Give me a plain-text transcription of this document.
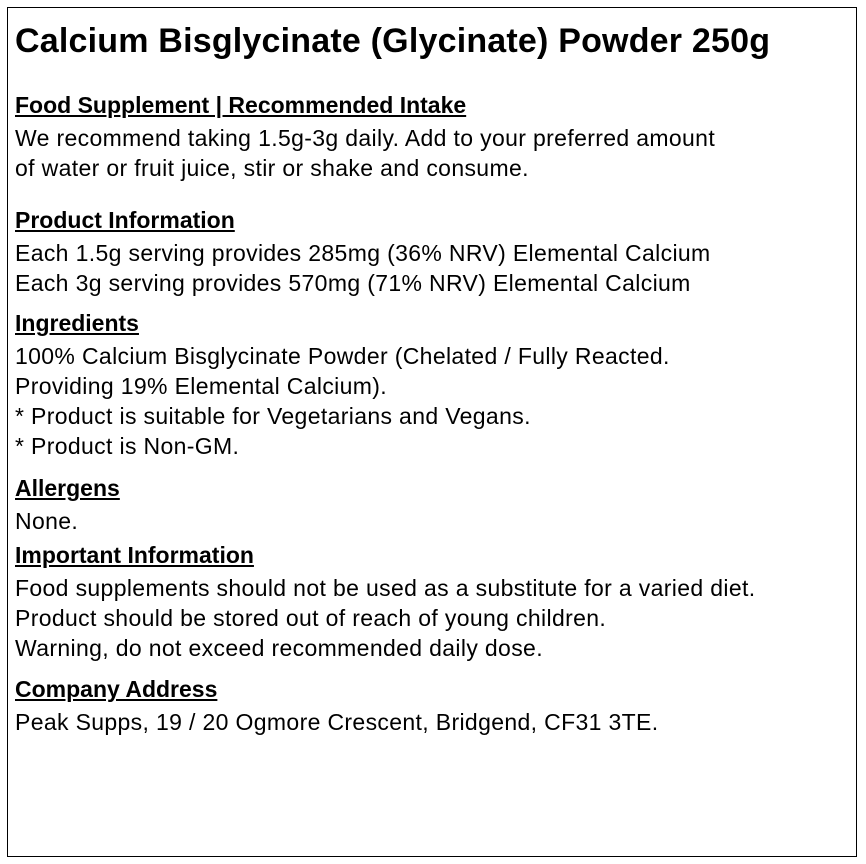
Calcium Bisglycinate (Glycinate) Powder 250g
Food Supplement | Recommended Intake
We recommend taking 1.5g-3g daily. Add to your preferred amount
of water or fruit juice, stir or shake and consume.
Product Information
Each 1.5g serving provides 285mg (36% NRV) Elemental Calcium
Each 3g serving provides 570mg (71% NRV) Elemental Calcium
Ingredients
100% Calcium Bisglycinate Powder (Chelated / Fully Reacted.
Providing 19% Elemental Calcium).
* Product is suitable for Vegetarians and Vegans.
* Product is Non-GM.
Allergens
None.
Important Information
Food supplements should not be used as a substitute for a varied diet.
Product should be stored out of reach of young children.
Warning, do not exceed recommended daily dose.
Company Address
Peak Supps, 19 / 20 Ogmore Crescent, Bridgend, CF31 3TE.
